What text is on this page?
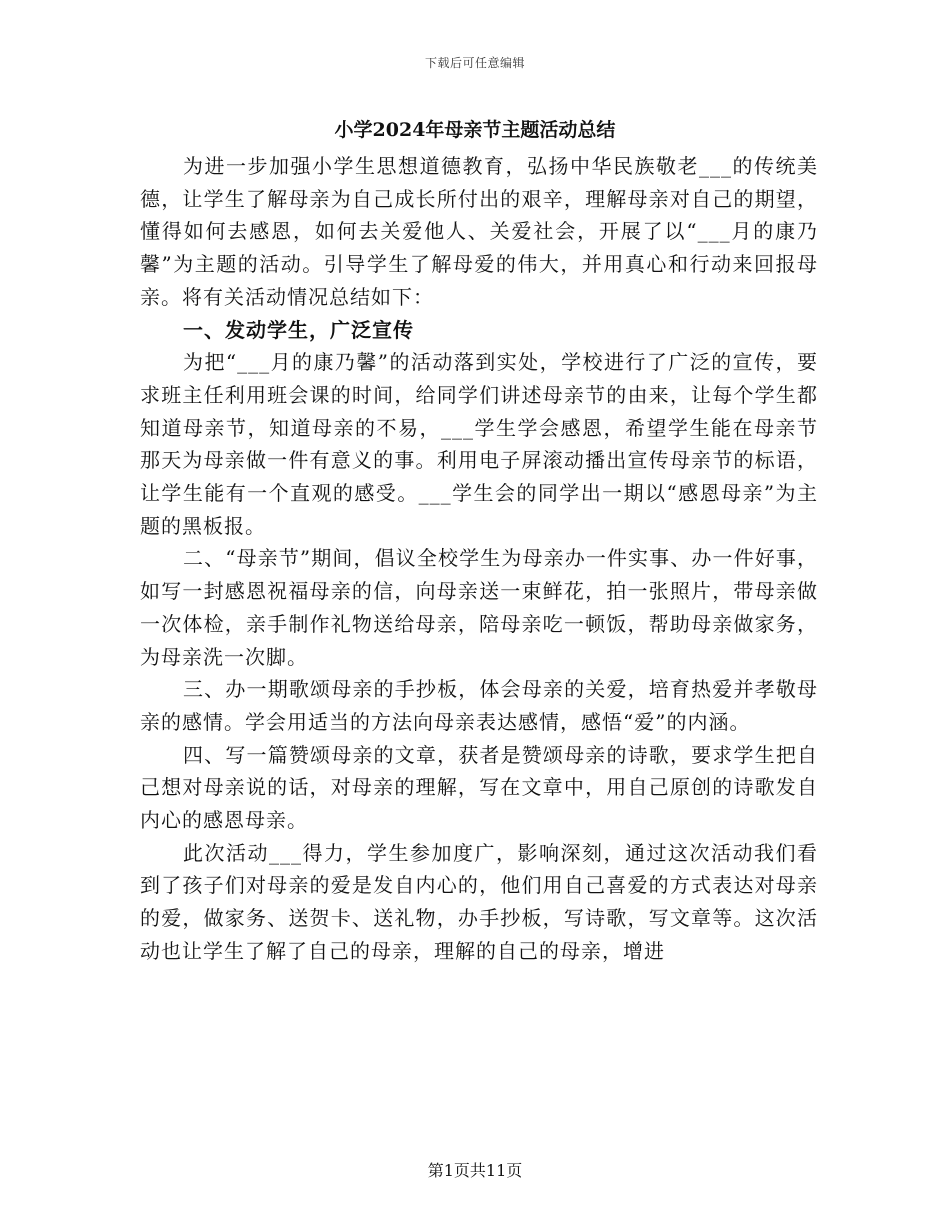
下载后可任意编辑
小学2024年母亲节主题活动总结

为进一步加强小学生思想道德教育，弘扬中华民族敬老___的传统美德，让学生了解母亲为自己成长所付出的艰辛，理解母亲对自己的期望，懂得如何去感恩，如何去关爱他人、关爱社会，开展了以“___月的康乃馨”为主题的活动。引导学生了解母爱的伟大，并用真心和行动来回报母亲。将有关活动情况总结如下：

一、发动学生，广泛宣传

为把“___月的康乃馨”的活动落到实处，学校进行了广泛的宣传，要求班主任利用班会课的时间，给同学们讲述母亲节的由来，让每个学生都知道母亲节，知道母亲的不易，___学生学会感恩，希望学生能在母亲节那天为母亲做一件有意义的事。利用电子屏滚动播出宣传母亲节的标语，让学生能有一个直观的感受。___学生会的同学出一期以“感恩母亲”为主题的黑板报。

二、“母亲节”期间，倡议全校学生为母亲办一件实事、办一件好事，如写一封感恩祝福母亲的信，向母亲送一束鲜花，拍一张照片，带母亲做一次体检，亲手制作礼物送给母亲，陪母亲吃一顿饭，帮助母亲做家务，为母亲洗一次脚。

三、办一期歌颂母亲的手抄板，体会母亲的关爱，培育热爱并孝敬母亲的感情。学会用适当的方法向母亲表达感情，感悟“爱”的内涵。

四、写一篇赞颂母亲的文章，获者是赞颂母亲的诗歌，要求学生把自己想对母亲说的话，对母亲的理解，写在文章中，用自己原创的诗歌发自内心的感恩母亲。

此次活动___得力，学生参加度广，影响深刻，通过这次活动我们看到了孩子们对母亲的爱是发自内心的，他们用自己喜爱的方式表达对母亲的爱，做家务、送贺卡、送礼物，办手抄板，写诗歌，写文章等。这次活动也让学生了解了自己的母亲，理解的自己的母亲，增进

第1页共11页
